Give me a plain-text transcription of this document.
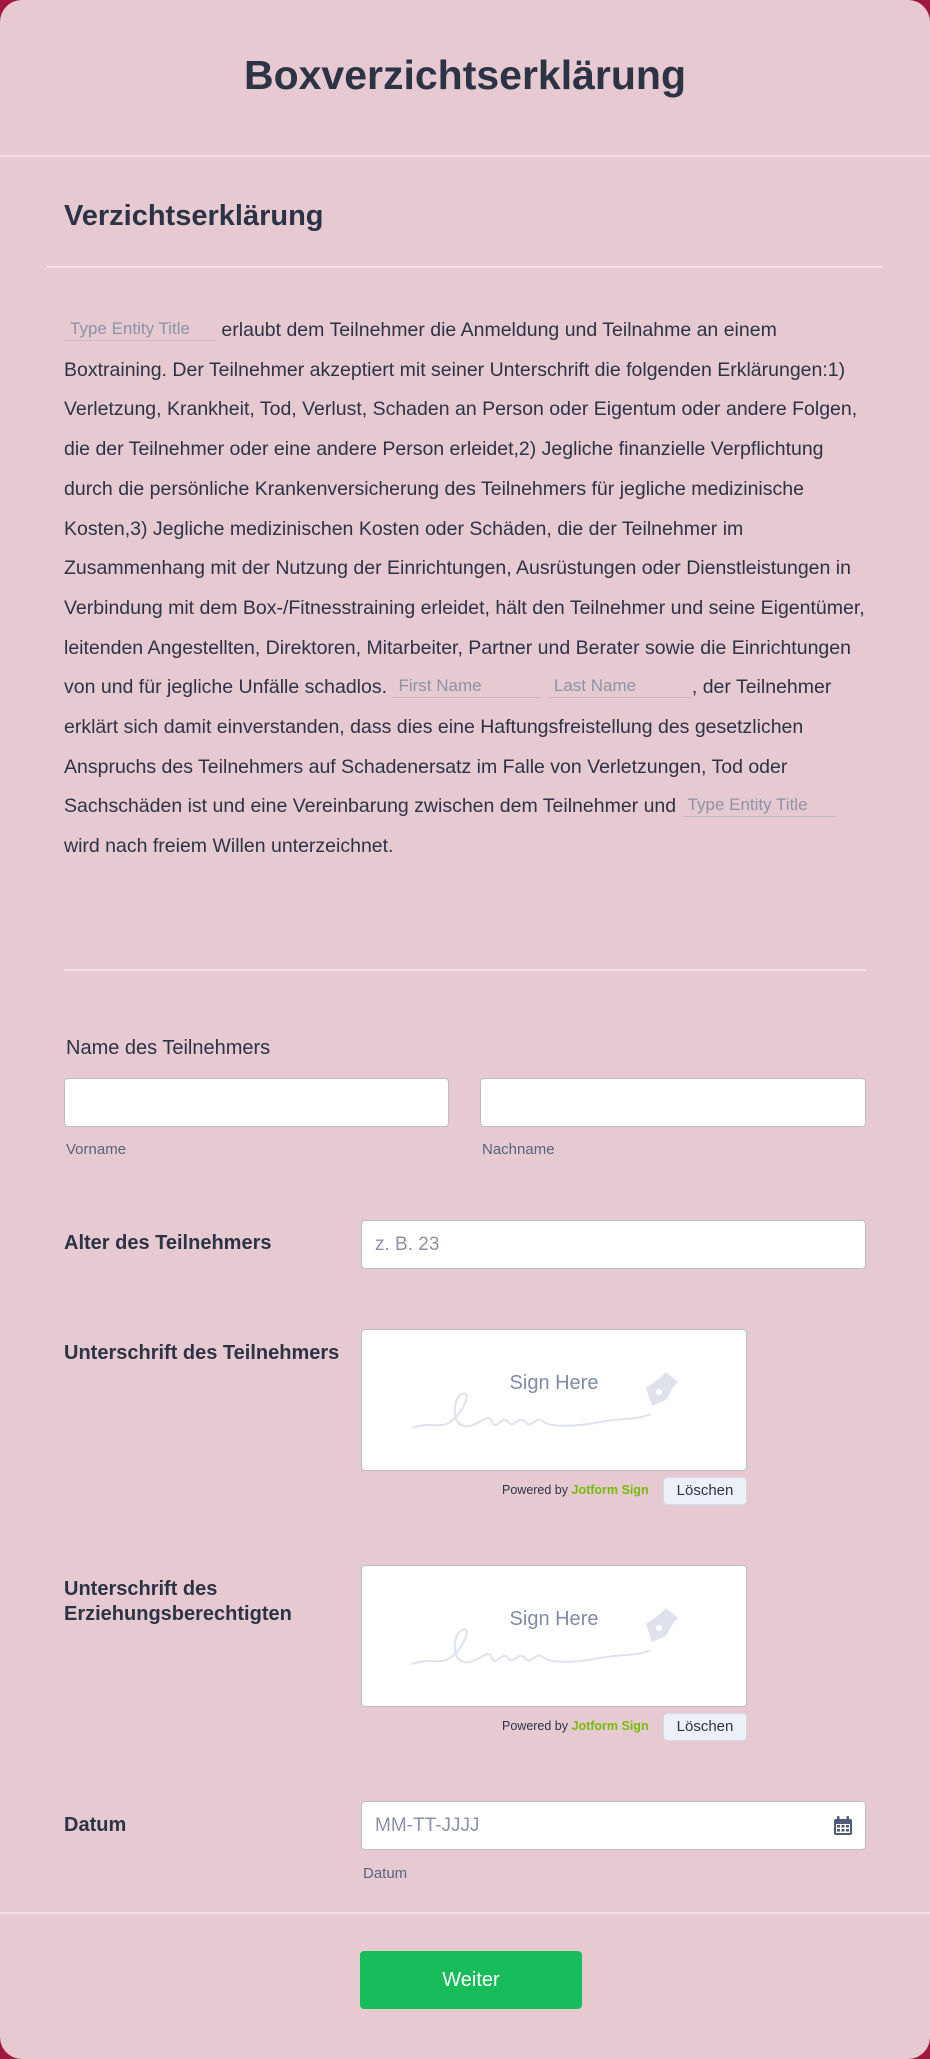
Boxverzichtserklärung
Verzichtserklärung
Type Entity Title erlaubt dem Teilnehmer die Anmeldung und Teilnahme an einem Boxtraining. Der Teilnehmer akzeptiert mit seiner Unterschrift die folgenden Erklärungen:1) Verletzung, Krankheit, Tod, Verlust, Schaden an Person oder Eigentum oder andere Folgen, die der Teilnehmer oder eine andere Person erleidet,2) Jegliche finanzielle Verpflichtung durch die persönliche Krankenversicherung des Teilnehmers für jegliche medizinische Kosten,3) Jegliche medizinischen Kosten oder Schäden, die der Teilnehmer im Zusammenhang mit der Nutzung der Einrichtungen, Ausrüstungen oder Dienstleistungen in Verbindung mit dem Box-/Fitnesstraining erleidet, hält den Teilnehmer und seine Eigentümer, leitenden Angestellten, Direktoren, Mitarbeiter, Partner und Berater sowie die Einrichtungen von und für jegliche Unfälle schadlos. First Name	Last Name	, der Teilnehmer erklärt sich damit einverstanden, dass dies eine Haftungsfreistellung des gesetzlichen Anspruchs des Teilnehmers auf Schadenersatz im Falle von Verletzungen, Tod oder Sachschäden ist und eine Vereinbarung zwischen dem Teilnehmer und Type Entity Title wird nach freiem Willen unterzeichnet.
Name des Teilnehmers
Vorname	Nachname
Alter des Teilnehmers	z. B. 23
Unterschrift des Teilnehmers
Sign Here
Powered by Jotform Sign	Löschen
Unterschrift des
Erziehungsberechtigten	Sign Here
Powered by Jotform Sign	Löschen
Datum	MM-TT-JJJJ
Datum
Weiter
